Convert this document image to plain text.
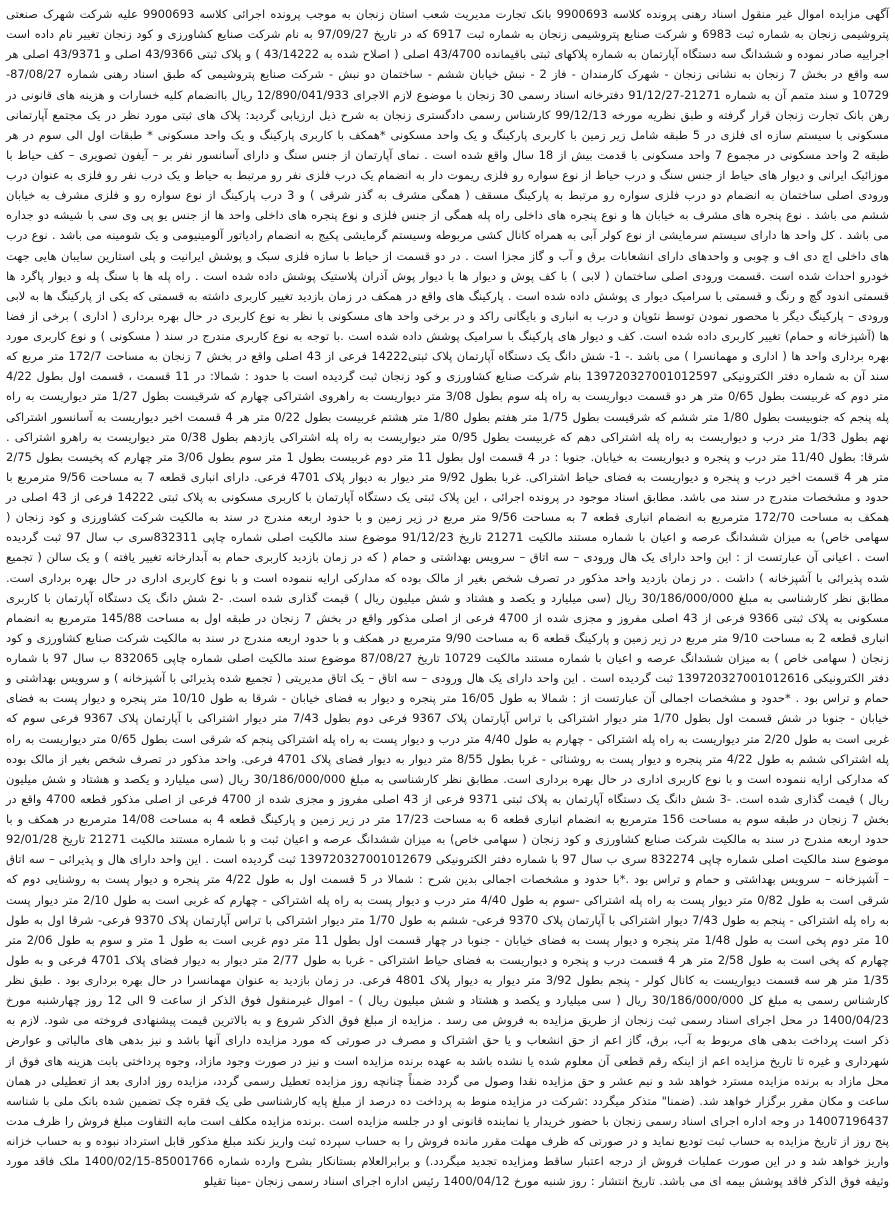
آگهی مزایده اموال غیر منقول اسناد رهنی پرونده کلاسه 9900693 بانک تجارت مدیریت شعب استان زنجان به موجب پرونده اجرائی کلاسه 9900693 علیه شرکت شهرک صنعتی پتروشیمی زنجان به شماره ثبت 6983 و شرکت صنایع پتروشیمی زنجان به شماره ثبت 6917 که در تاریخ 97/09/27 به نام شرکت صنایع کشاورزی و کود زنجان تغییر نام داده است اجراییه صادر نموده و ششدانگ سه دستگاه آپارتمان به شماره پلاکهای ثبتی باقیمانده 43/4700 اصلی ( اصلاح شده به 43/14222 ) و پلاک ثبتی 43/9366 اصلی و 43/9371 اصلی هر سه واقع در بخش 7 زنجان به نشانی زنجان - شهرک کارمندان - فاز 2 - نبش خیابان ششم - ساختمان دو نبش - شرکت صنایع پتروشیمی که طبق اسناد رهنی شماره 87/08/27-10729 و سند متمم آن به شماره 21271-91/12/27 دفترخانه اسناد رسمی 30 زنجان با موضوع لازم الاجرای 12/890/041/933 ریال باانضمام کلیه خسارات و هزینه های قانونی در رهن بانک تجارت زنجان قرار گرفته و طبق نظریه مورخه 99/12/13 کارشناس رسمی دادگستری زنجان به شرح ذیل ارزیابی گردید: پلاک های ثبتی مورد نظر در یک مجتمع آپارتمانی مسکونی با سیستم سازه ای فلزی در 5 طبقه شامل زیر زمین با کاربری پارکینگ و یک واحد مسکونی *همکف با کاربری پارکینگ و یک واحد مسکونی * طبقات اول الی سوم در هر طبقه 2 واحد مسکونی در مجموع 7 واحد مسکونی با قدمت بیش از 18 سال واقع شده است . نمای آپارتمان از جنس سنگ و دارای آسانسور نفر بر – آیفون تصویری – کف حیاط با موزائیک ایرانی و دیوار های حیاط از جنس سنگ و درب حیاط از نوع سواره رو فلزی ریموت دار به انضمام یک درب فلزی نفر رو مرتبط به حیاط و یک درب نفر رو فلزی به عنوان درب ورودی اصلی ساختمان به انضمام دو درب فلزی سواره رو مرتبط به پارکینگ مسقف ( همگی مشرف به گذر شرقی ) و 3 درب پارکینگ از نوع سواره رو و فلزی مشرف به خیابان ششم می باشد . نوع پنجره های مشرف به خیابان ها و نوع پنجره های داخلی راه پله همگی از جنس فلزی و نوع پنجره های داخلی واحد ها از جنس یو پی وی سی با شیشه دو جداره می باشد . کل واحد ها دارای سیستم سرمایشی از نوع کولر آبی به همراه کانال کشی مربوطه وسیستم گرمایشی پکیج به انضمام رادیاتور آلومینیومی و یک شومینه می باشد . نوع درب های داخلی اچ دی اف و چوبی و واحدهای دارای انشعابات برق و آب و گاز مجزا است . در دو قسمت از حیاط با سازه فلزی سبک و پوشش ایرانیت و پلی استارین سایبان هایی جهت خودرو احداث شده است .قسمت ورودی اصلی ساختمان ( لابی ) با کف پوش و دیوار ها با دیوار پوش آذران پلاستیک پوشش داده شده است . راه پله ها با سنگ پله و دیوار پاگرد ها قسمتی اندود گچ و رنگ و قسمتی با سرامیک دیوار ی پوشش داده شده است . پارکینگ های واقع در همکف در زمان بازدید تغییر کاربری داشته به قسمتی که یکی از پارکینگ ها به لابی ورودی – پارکینگ دیگر با محصور نمودن توسط نئوپان و درب به انباری و بایگانی راکد و در برخی واحد های مسکونی با نظر به نوع کاربری در حال بهره برداری ( اداری ) برخی از فضا ها (آشپزخانه و حمام) تغییر کاربری داده شده است. کف و دیوار های پارکینگ با سرامیک پوشش داده شده است .با توجه به نوع کاربری مندرج در سند ( مسکونی ) و نوع کاربری مورد بهره برداری واحد ها ( اداری و مهمانسرا ) می باشد .- 1- شش دانگ یک دستگاه آپارتمان پلاک ثبتی14222 فرعی از 43 اصلی واقع در بخش 7 زنجان به مساحت 172/7 متر مربع که سند آن به شماره دفتر الکترونیکی 139720327001012597 بنام شرکت صنایع کشاورزی و کود زنجان ثبت گردیده است با حدود : شمالا: در 11 قسمت ، قسمت اول بطول 4/22 متر دوم که غربیست بطول 0/65 متر هر دو قسمت دیواریست به راه پله سوم بطول 3/08 متر دیواریست به راهروی اشتراکی چهارم که شرقیست بطول 1/27 متر دیواریست به راه پله پنجم که جنوبیست بطول 1/80 متر ششم که شرقیست بطول 1/75 متر هفتم بطول 1/80 متر هشتم غربیست بطول 0/22 متر هر 4 قسمت اخیر دیواریست به آسانسور اشتراکی نهم بطول 1/33 متر درب و دیواریست به راه پله اشتراکی دهم که غربیست بطول 0/95 متر دیواریست به راه پله اشتراکی یازدهم بطول 0/38 متر دیواریست به راهرو اشتراکی . شرقا: بطول 11/40 متر درب و پنجره و دیواریست به خیابان. جنوبا : در 4 قسمت اول بطول 11 متر دوم غربیست بطول 1 متر سوم بطول 3/06 متر چهارم که پخیست بطول 2/75 متر هر 4 قسمت اخیر درب و پنجره و دیواریست به فضای حیاط اشتراکی. غربا بطول 9/92 متر دیوار به دیوار پلاک 4701 فرعی. دارای انباری قطعه 7 به مساحت 9/56 مترمربع با حدود و مشخصات مندرج در سند می باشد. مطابق اسناد موجود در پرونده اجرائی ، این پلاک ثبتی یک دستگاه آپارتمان با کاربری مسکونی به پلاک ثبتی 14222 فرعی از 43 اصلی در همکف به مساحت 172/70 مترمربع به انضمام انباری قطعه 7 به مساحت 9/56 متر مربع در زیر زمین و با حدود اربعه مندرج در سند به مالکیت شرکت کشاورزی و کود زنجان ( سهامی خاص) به میزان ششدانگ عرصه و اعیان با شماره مستند مالکیت 21271 تاریخ 91/12/23 موضوع سند مالکیت اصلی شماره چاپی 832311سری ب سال 97 ثبت گردیده است . اعیانی آن عبارتست از : این واحد دارای یک هال ورودی – سه اتاق – سرویس بهداشتی و حمام ( که در زمان بازدید کاربری حمام به آبدارخانه تغییر یافته ) و یک سالن ( تجمیع شده پذیرائی با آشپزخانه ) داشت . در زمان بازدید واحد مذکور در تصرف شخص بغیر از مالک بوده که مدارکی ارایه ننموده است و با نوع کاربری اداری در حال بهره برداری است. مطابق نظر کارشناسی به مبلغ 30/186/000/000 ریال (سی میلیارد و یکصد و هشتاد و شش میلیون ریال ) قیمت گذاری شده است. -2 شش دانگ یک دستگاه آپارتمان با کاربری مسکونی به پلاک ثبتی 9366 فرعی از 43 اصلی مفروز و مجزی شده از 4700 فرعی از اصلی مذکور واقع در بخش 7 زنجان در طبقه اول به مساحت 145/88 مترمربع به انضمام انباری قطعه 2 به مساحت 9/10 متر مربع در زیر زمین و پارکینگ قطعه 6 به مساحت 9/90 مترمربع در همکف و با حدود اربعه مندرج در سند به مالکیت شرکت صنایع کشاورزی و کود زنجان ( سهامی خاص ) به میزان ششدانگ عرصه و اعیان با شماره مستند مالکیت 10729 تاریخ 87/08/27 موضوع سند مالکیت اصلی شماره چاپی 832065 ب سال 97 با شماره دفتر الکترونیکی 139720327001012616 ثبت گردیده است . این واحد دارای یک هال ورودی – سه اتاق – یک اتاق مدیریتی ( تجمیع شده پذیرائی با آشپزخانه ) و سرویس بهداشتی و حمام و تراس بود . *حدود و مشخصات اجمالی آن عبارتست از : شمالا به طول 16/05 متر پنجره و دیوار به فضای خیابان - شرقا به طول 10/10 متر پنجره و دیوار پست به فضای خیابان - جنوبا در شش قسمت اول بطول 1/70 متر دیوار اشتراکی با تراس آپارتمان پلاک 9367 فرعی دوم بطول 7/43 متر دیوار اشتراکی با آپارتمان پلاک 9367 فرعی سوم که غربی است به طول 2/20 متر دیواریست به راه پله اشتراکی - چهارم به طول 4/40 متر درب و دیوار پست به راه پله اشتراکی پنجم که شرقی است بطول 0/65 متر دیواریست به راه پله اشتراکی ششم به طول 4/22 متر پنجره و دیوار پست به روشنائی - غربا بطول 8/55 متر دیوار به دیوار فضای پلاک 4701 فرعی. واحد مذکور در تصرف شخص بغیر از مالک بوده که مدارکی ارایه ننموده است و با نوع کاربری اداری در حال بهره برداری است. مطابق نظر کارشناسی به مبلغ 30/186/000/000 ریال (سی میلیارد و یکصد و هشتاد و شش میلیون ریال ) قیمت گذاری شده است. -3 شش دانگ یک دستگاه آپارتمان به پلاک ثبتی 9371 فرعی از 43 اصلی مفروز و مجزی شده از 4700 فرعی از اصلی مذکور قطعه 4700 واقع در بخش 7 زنجان در طبقه سوم به مساحت 156 مترمربع به انضمام انباری قطعه 6 به مساحت 17/23 متر در زیر زمین و پارکینگ قطعه 4 به مساحت 14/08 مترمربع در همکف و با حدود اربعه مندرج در سند به مالکیت شرکت صنایع کشاورزی و کود زنجان ( سهامی خاص) به میزان ششدانگ عرصه و اعیان ثبت و با شماره مستند مالکیت 21271 تاریخ 92/01/28 موضوع سند مالکیت اصلی شماره چاپی 832274 سری ب سال 97 با شماره دفتر الکترونیکی 139720327001012679 ثبت گردیده است . این واحد دارای هال و پذیرائی – سه اتاق – آشپزخانه – سرویس بهداشتی و حمام و تراس بود .*با حدود و مشخصات اجمالی بدین شرح : شمالا در 5 قسمت اول به طول 4/22 متر پنجره و دیوار پست به روشنایی دوم که شرقی است به طول 0/82 متر دیوار پست به راه پله اشتراکی -سوم به طول 4/40 متر درب و دیوار پست به راه پله اشتراکی - چهارم که غربی است به طول 2/10 متر دیوار پست به راه پله اشتراکی - پنجم به طول 7/43 دیوار اشتراکی با آپارتمان پلاک 9370 فرعی- ششم به طول 1/70 متر دیوار اشتراکی با تراس آپارتمان پلاک 9370 فرعی- شرقا اول به طول 10 متر دوم پخی است به طول 1/48 متر پنجره و دیوار پست به فضای خیابان - جنوبا در چهار قسمت اول بطول 11 متر دوم غربی است به طول 1 متر و سوم به طول 2/06 متر چهارم که پخی است به طول 2/58 متر هر 4 قسمت درب و پنجره و دیواریست به فضای حیاط اشتراکی - غربا به طول 2/77 متر دیوار به دیوار فضای پلاک 4701 فرعی و به طول 1/35 متر هر سه قسمت دیواریست به کانال کولر - پنجم بطول 3/92 متر دیوار به دیوار پلاک 4801 فرعی. در زمان بازدید به عنوان مهمانسرا در حال بهره برداری بود . طبق نظر کارشناس رسمی به مبلغ کل 30/186/000/000 ریال ( سی میلیارد و یکصد و هشتاد و شش میلیون ریال ) - اموال غیرمنقول فوق الذکر از ساعت 9 الی 12 روز چهارشنبه مورخ 1400/04/23 در محل اجرای اسناد رسمی ثبت زنجان از طریق مزایده به فروش می رسد . مزایده از مبلغ فوق الذکر شروع و به بالاترین قیمت پیشنهادی فروخته می شود. لازم به ذکر است پرداخت بدهی های مربوط به آب، برق، گاز اعم از حق انشعاب و یا حق اشتراک و مصرف در صورتی که مورد مزایده دارای آنها باشد و نیز بدهی های مالیاتی و عوارض شهرداری و غیره تا تاریخ مزایده اعم از اینکه رقم قطعی آن معلوم شده یا نشده باشد به عهده برنده مزایده است و نیز در صورت وجود مازاد، وجوه پرداختی بابت هزینه های فوق از محل مازاد به برنده مزایده مسترد خواهد شد و نیم عشر و حق مزایده نقدا وصول می گردد ضمناً چنانچه روز مزایده تعطیل رسمی گردد، مزایده روز اداری بعد از تعطیلی در همان ساعت و مکان مقرر برگزار خواهد شد. (ضمنا" متذکر میگردد :شرکت در مزایده منوط به پرداخت ده درصد از مبلغ پایه کارشناسی طی یک فقره چک تضمین شده بانک ملی با شناسه 14007196437 در وجه اداره اجرای اسناد رسمی زنجان با حضور خریدار یا نماینده قانونی او در جلسه مزایده است .برنده مزایده مکلف است مابه التفاوت مبلغ فروش را ظرف مدت پنج روز از تاریخ مزایده به حساب ثبت تودیع نماید و در صورتی که ظرف مهلت مقرر مانده فروش را به حساب سپرده ثبت واریز نکند مبلغ مذکور قابل استرداد نبوده و به حساب خزانه واریز خواهد شد و در این صورت عملیات فروش از درجه اعتبار ساقط ومزایده تجدید میگردد.) و برابرالعلام بستانکار بشرح وارده شماره 85001766-1400/02/15 ملک فاقد مورد وثیقه فوق الذکر فاقد پوشش بیمه ای می باشد. تاریخ انتشار : روز شنبه مورخ 1400/04/12 رئیس اداره اجرای اسناد رسمی زنجان -مینا تقیلو
